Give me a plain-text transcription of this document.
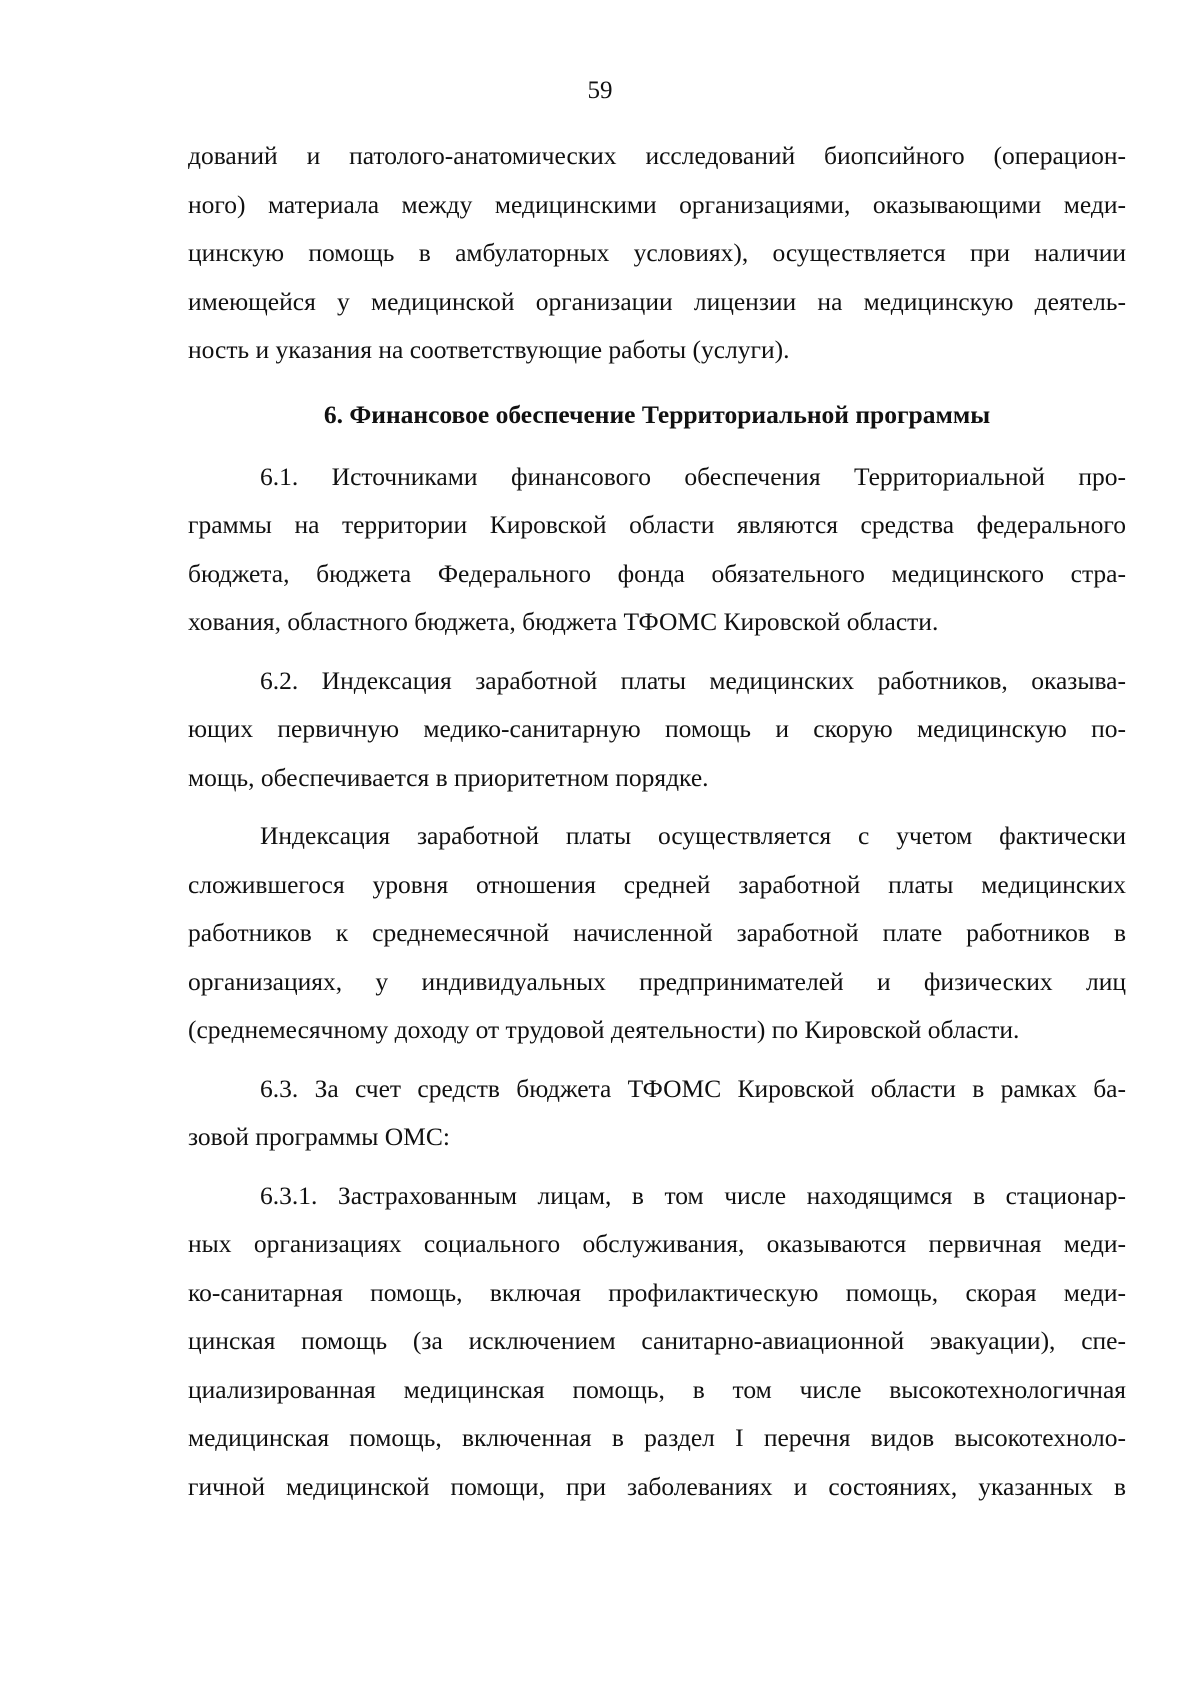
59

дований и патолого-анатомических исследований биопсийного (операцион-
ного) материала между медицинскими организациями, оказывающими меди-
цинскую помощь в амбулаторных условиях), осуществляется при наличии
имеющейся у медицинской организации лицензии на медицинскую деятель-
ность и указания на соответствующие работы (услуги).

6. Финансовое обеспечение Территориальной программы

6.1. Источниками финансового обеспечения Территориальной про-
граммы на территории Кировской области являются средства федерального
бюджета, бюджета Федерального фонда обязательного медицинского стра-
хования, областного бюджета, бюджета ТФОМС Кировской области.

6.2. Индексация заработной платы медицинских работников, оказыва-
ющих первичную медико-санитарную помощь и скорую медицинскую по-
мощь, обеспечивается в приоритетном порядке.

Индексация заработной платы осуществляется с учетом фактически
сложившегося уровня отношения средней заработной платы медицинских
работников к среднемесячной начисленной заработной плате работников в
организациях, у индивидуальных предпринимателей и физических лиц
(среднемесячному доходу от трудовой деятельности) по Кировской области.

6.3. За счет средств бюджета ТФОМС Кировской области в рамках ба-
зовой программы ОМС:

6.3.1. Застрахованным лицам, в том числе находящимся в стационар-
ных организациях социального обслуживания, оказываются первичная меди-
ко-санитарная помощь, включая профилактическую помощь, скорая меди-
цинская помощь (за исключением санитарно-авиационной эвакуации), спе-
циализированная медицинская помощь, в том числе высокотехнологичная
медицинская помощь, включенная в раздел I перечня видов высокотехноло-
гичной медицинской помощи, при заболеваниях и состояниях, указанных в
